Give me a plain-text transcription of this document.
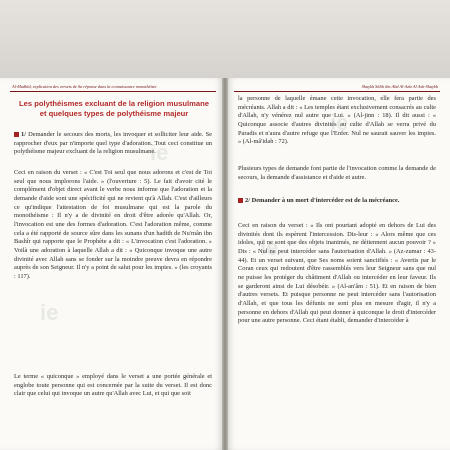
ie
ie
ie
ie
Al-Mudhîd, explication des versets de Sa réponse dans la connaissance monothéiste	Shaykh Sâlih ibn Abd Al-Azîz Al Ash-Shaykh
Les polythéismes excluant de la religion musulmane et quelques types de polythéisme majeur
1/ Demander le secours des morts, les invoquer et solliciter leur aide. Se rapprocher d'eux par n'importe quel type d'adoration. Tout ceci constitue un polythéisme majeur excluant de la religion musulmane.
Ceci en raison du verset : « C'est Toi seul que nous adorons et c'est de Toi seul que nous implorons l'aide. » (l'ouverture : 5). Le fait d'avoir cité le complément d'objet direct avant le verbe nous informe que l'adoration et la demande d'aide sont une spécificité qui ne revient qu'à Allah. C'est d'ailleurs ce qu'indique l'attestation de foi musulmane qui est la parole du monothéisme : Il n'y a de divinité en droit d'être adorée qu'Allah. Or, l'invocation est une des formes d'adoration. C'est l'adoration même, comme cela a été rapporté de source sûre dans les sunans d'un hadith de Nu'mân ibn Bashîr qui rapporte que le Prophète a dit : « L'invocation c'est l'adoration. » Voilà une adoration à laquelle Allah a dit : « Quiconque invoque une autre divinité avec Allah sans se fonder sur la moindre preuve devra en répondre auprès de son Seigneur. Il n'y a point de salut pour les impies. » (les croyants : 117).
Le terme « quiconque » employé dans le verset a une portée générale et englobe toute personne qui est concernée par la suite du verset. Il est donc clair que celui qui invoque un autre qu'Allah avec Lui, et qui que soit
la personne de laquelle émane cette invocation, elle fera partie des mécréants. Allah a dit : « Les temples étant exclusivement consacrés au culte d'Allah, n'y vénérez nul autre que Lui. » (Al-jinn : 18). Il dit aussi : « Quiconque associe d'autres divinités au culte d'Allah se verra privé du Paradis et n'aura d'autre refuge que l'Enfer. Nul ne saurait sauver les impies. » (Al-mâ'idah : 72).
Plusieurs types de demande font partie de l'invocation comme la demande de secours, la demande d'assistance et d'aide et autre.
2/ Demander à un mort d'intercéder est de la mécréance.
Ceci en raison du verset : « Ils ont pourtant adopté en dehors de Lui des divinités dont ils espèrent l'intercession. Dis-leur : « Alors même que ces idoles, qui ne sont que des objets inanimés, ne détiennent aucun pouvoir ? » Dis : « Nul ne peut intercéder sans l'autorisation d'Allah. » (Az-zumar : 43-44). Et un verset suivant, que Ses noms soient sanctifiés : « Avertis par le Coran ceux qui redoutent d'être rassemblés vers leur Seigneur sans que nul ne puisse les protéger du châtiment d'Allah ou intercéder en leur faveur. Ils se garderont ainsi de Lui désobéir. » (Al-an'âm : 51). Et en raison de bien d'autres versets. Et puisque personne ne peut intercéder sans l'autorisation d'Allah, et que tous les défunts ne sont plus en mesure d'agir, il n'y a personne en dehors d'Allah qui peut donner à quiconque le droit d'intercéder pour une autre personne. Ceci étant établi, demander d'intercéder à
